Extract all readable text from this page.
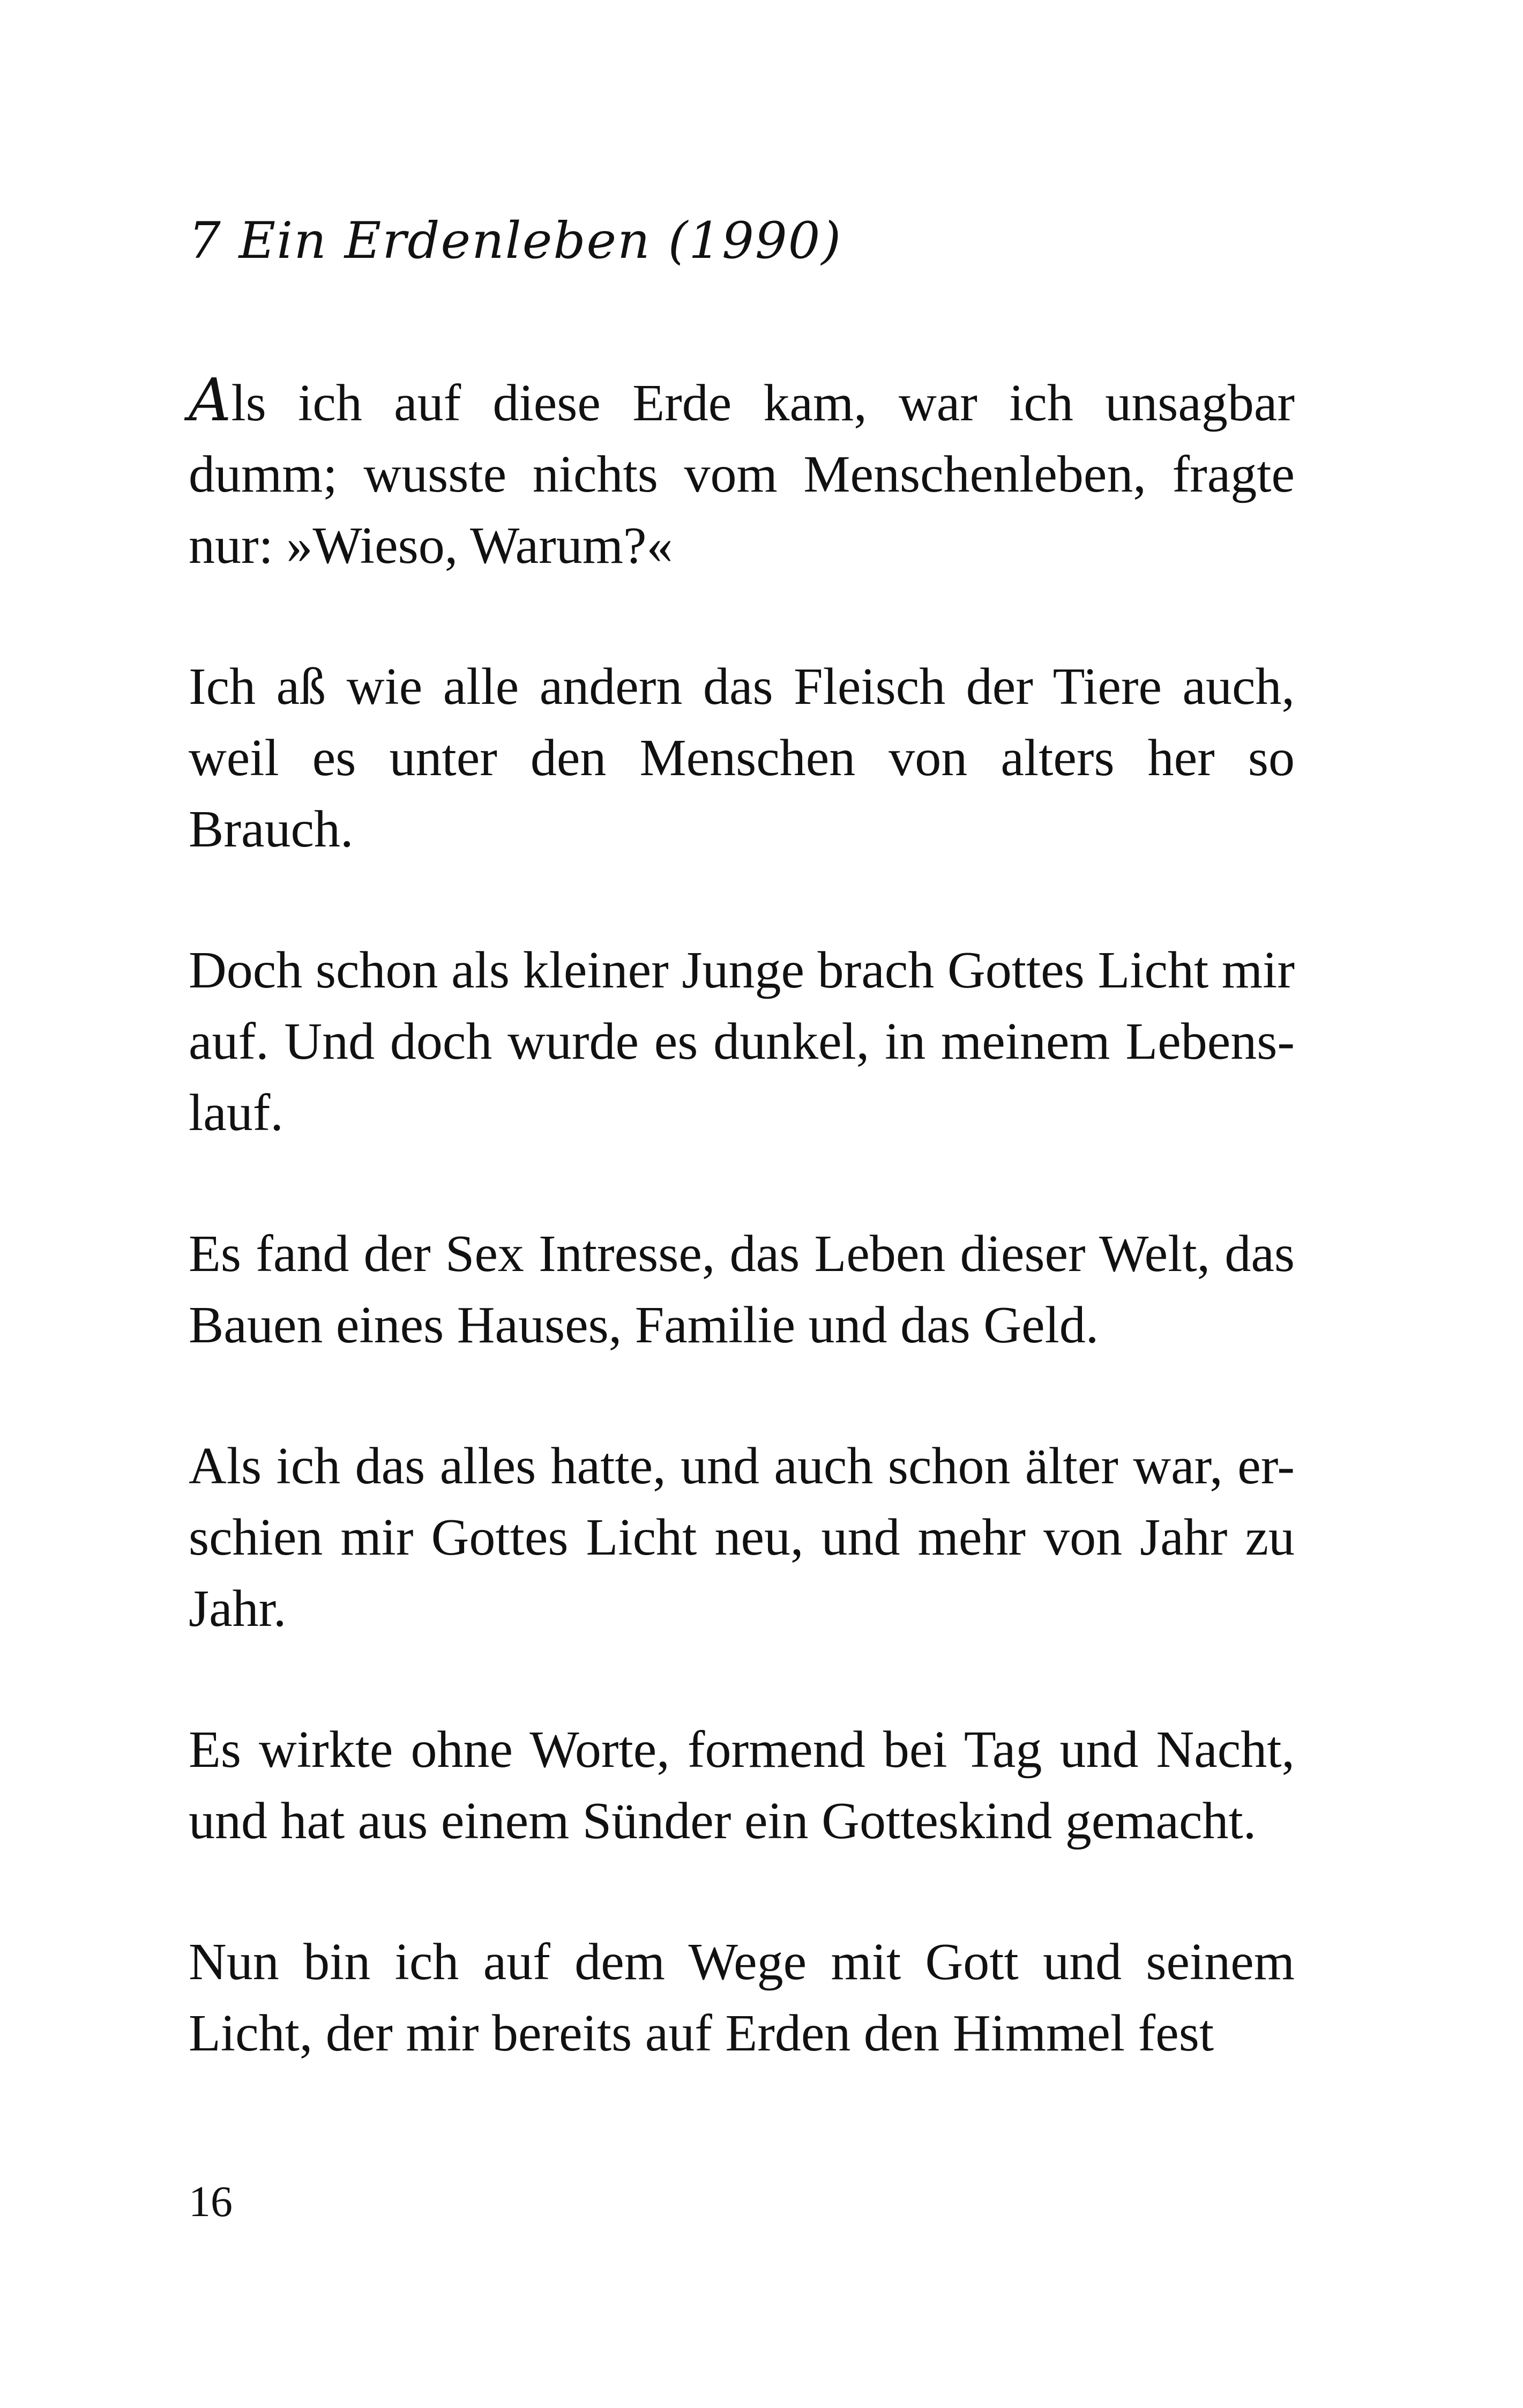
7 Ein Erdenleben (1990)

Als ich auf diese Erde kam, war ich unsagbar
dumm; wusste nichts vom Menschenleben, fragte
nur: »Wieso, Warum?«

Ich aß wie alle andern das Fleisch der Tiere auch,
weil es unter den Menschen von alters her so
Brauch.

Doch schon als kleiner Junge brach Gottes Licht mir
auf. Und doch wurde es dunkel, in meinem Lebens-
lauf.

Es fand der Sex Intresse, das Leben dieser Welt, das
Bauen eines Hauses, Familie und das Geld.

Als ich das alles hatte, und auch schon älter war, er-
schien mir Gottes Licht neu, und mehr von Jahr zu
Jahr.

Es wirkte ohne Worte, formend bei Tag und Nacht,
und hat aus einem Sünder ein Gotteskind gemacht.

Nun bin ich auf dem Wege mit Gott und seinem
Licht, der mir bereits auf Erden den Himmel fest

16
